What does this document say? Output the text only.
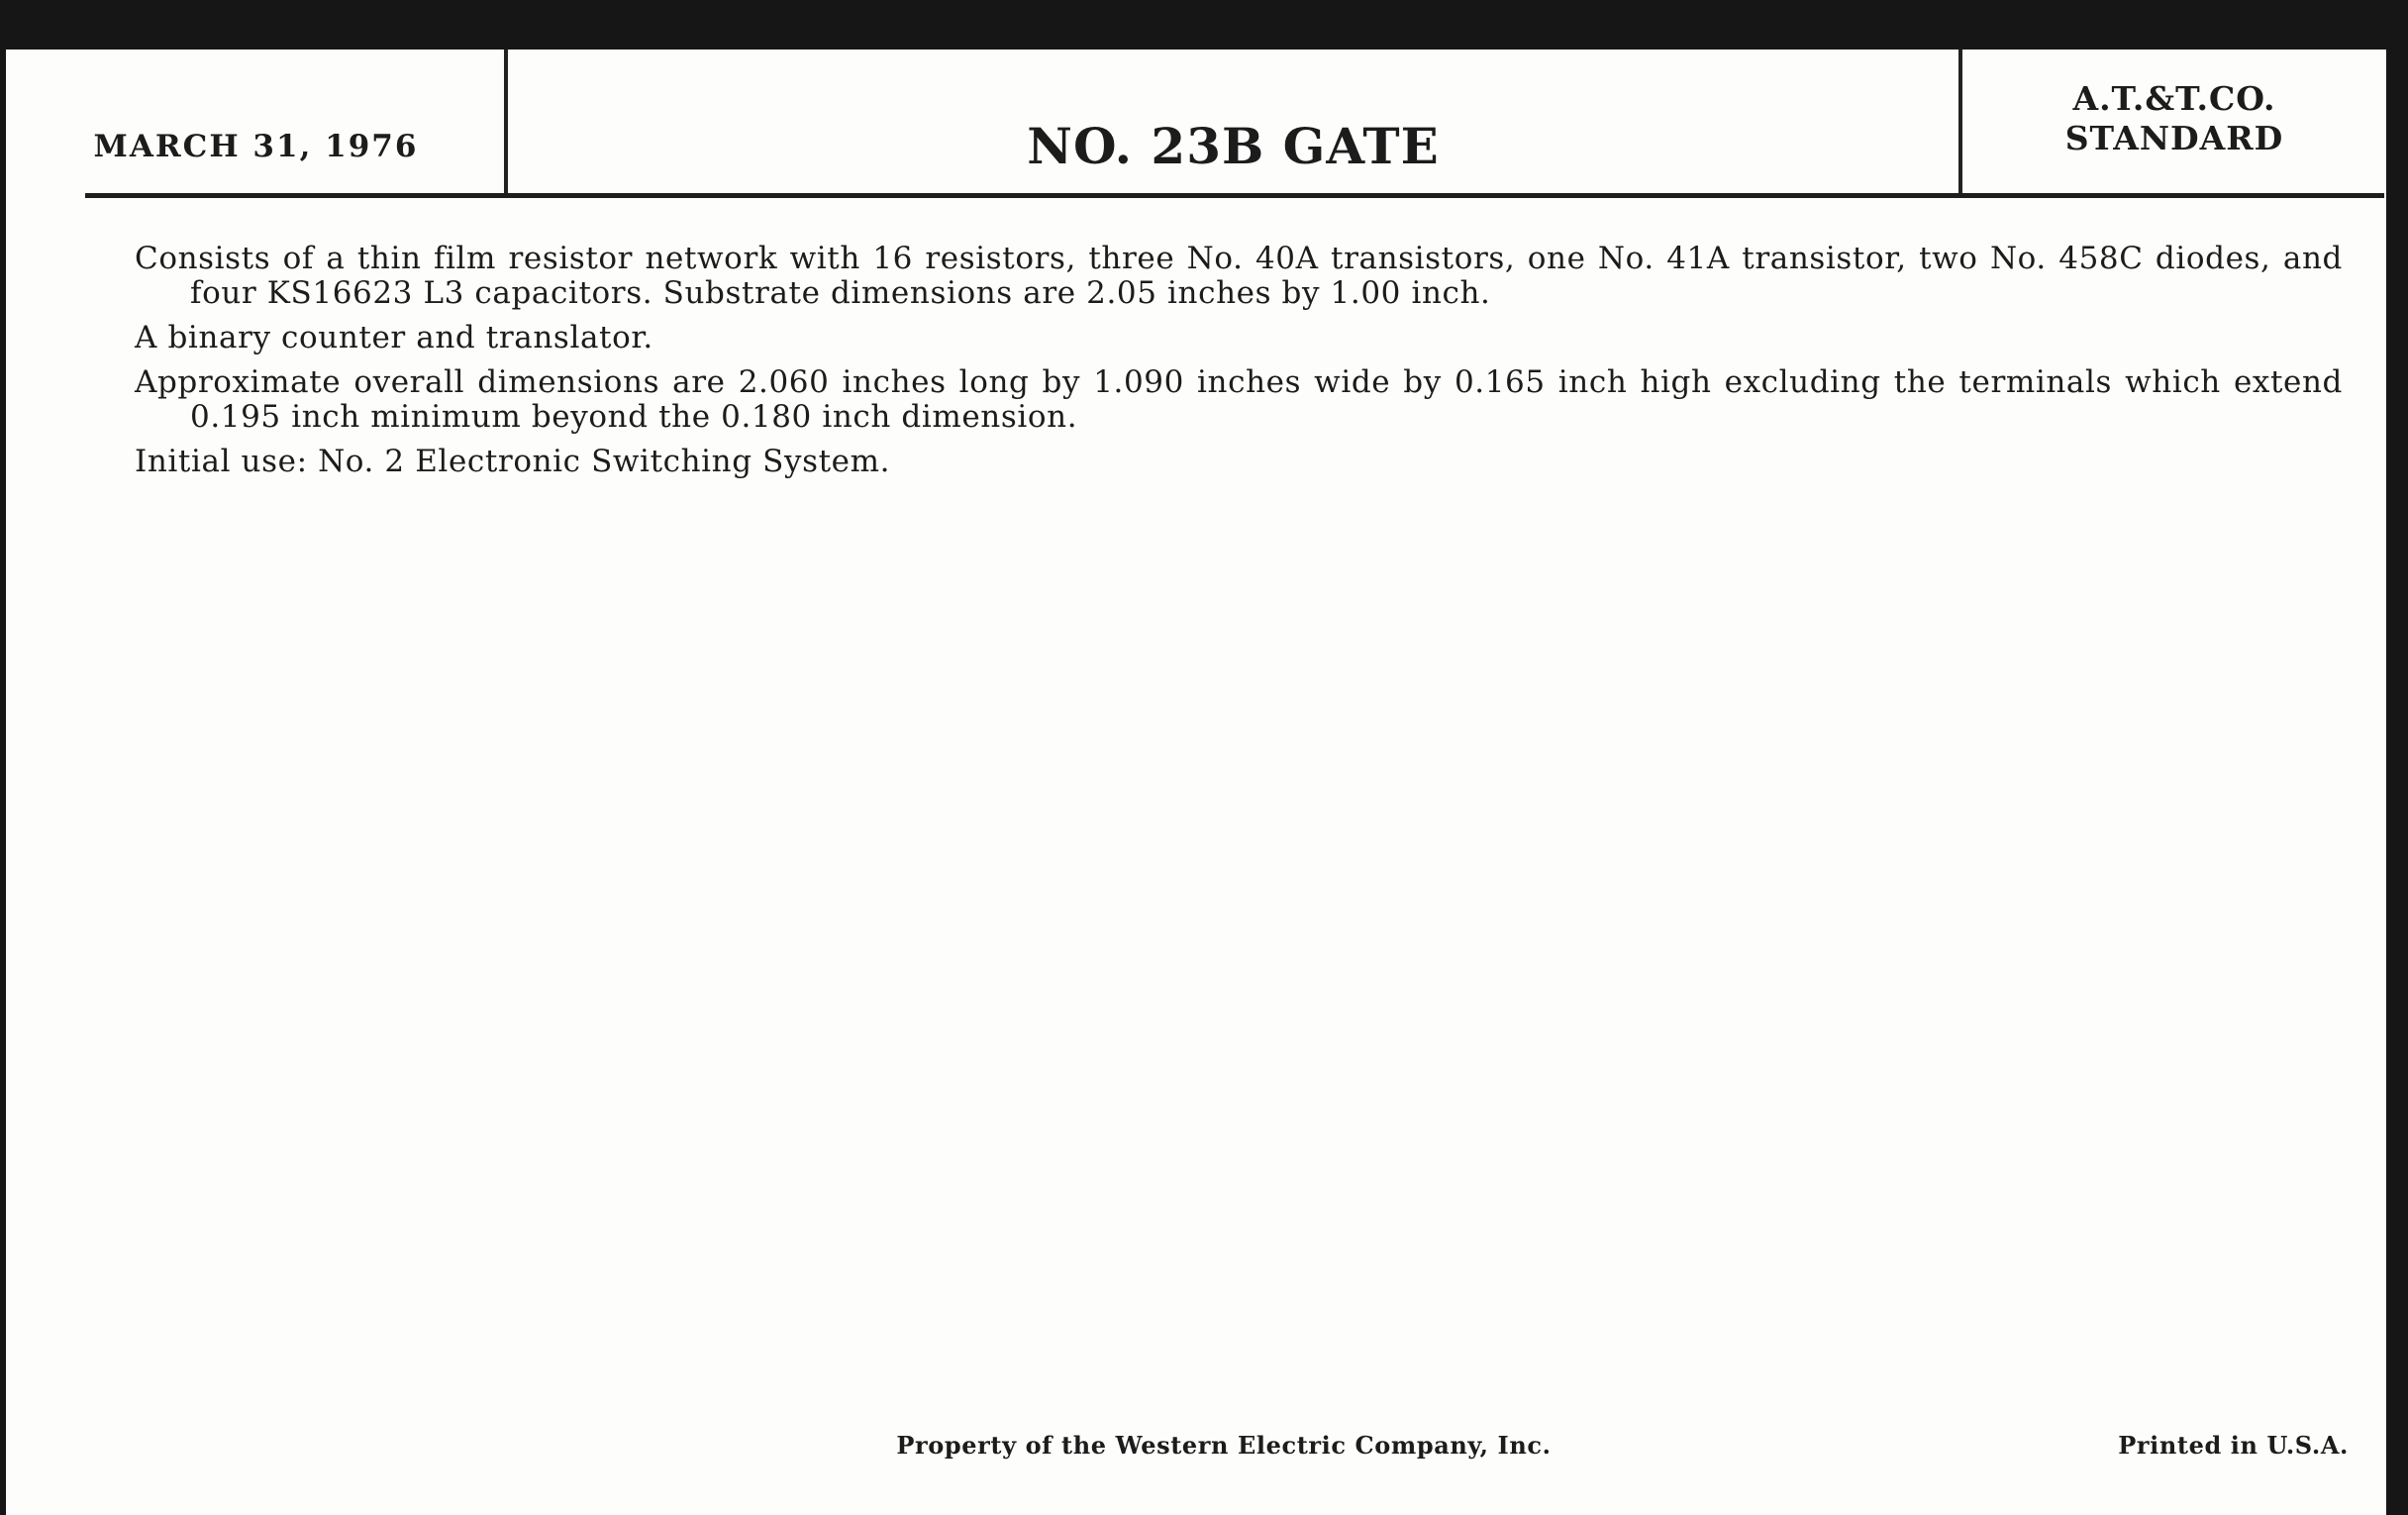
MARCH 31, 1976	NO. 23B GATE
A.T.&T.CO.
STANDARD

Consists of a thin film resistor network with 16 resistors, three No. 40A transistors, one No. 41A transistor, two No. 458C diodes, and four KS16623 L3 capacitors. Substrate dimensions are 2.05 inches by 1.00 inch.

A binary counter and translator.

Approximate overall dimensions are 2.060 inches long by 1.090 inches wide by 0.165 inch high excluding the terminals which extend 0.195 inch minimum beyond the 0.180 inch dimension.

Initial use: No. 2 Electronic Switching System.

Property of the Western Electric Company, Inc.	Printed in U.S.A.
